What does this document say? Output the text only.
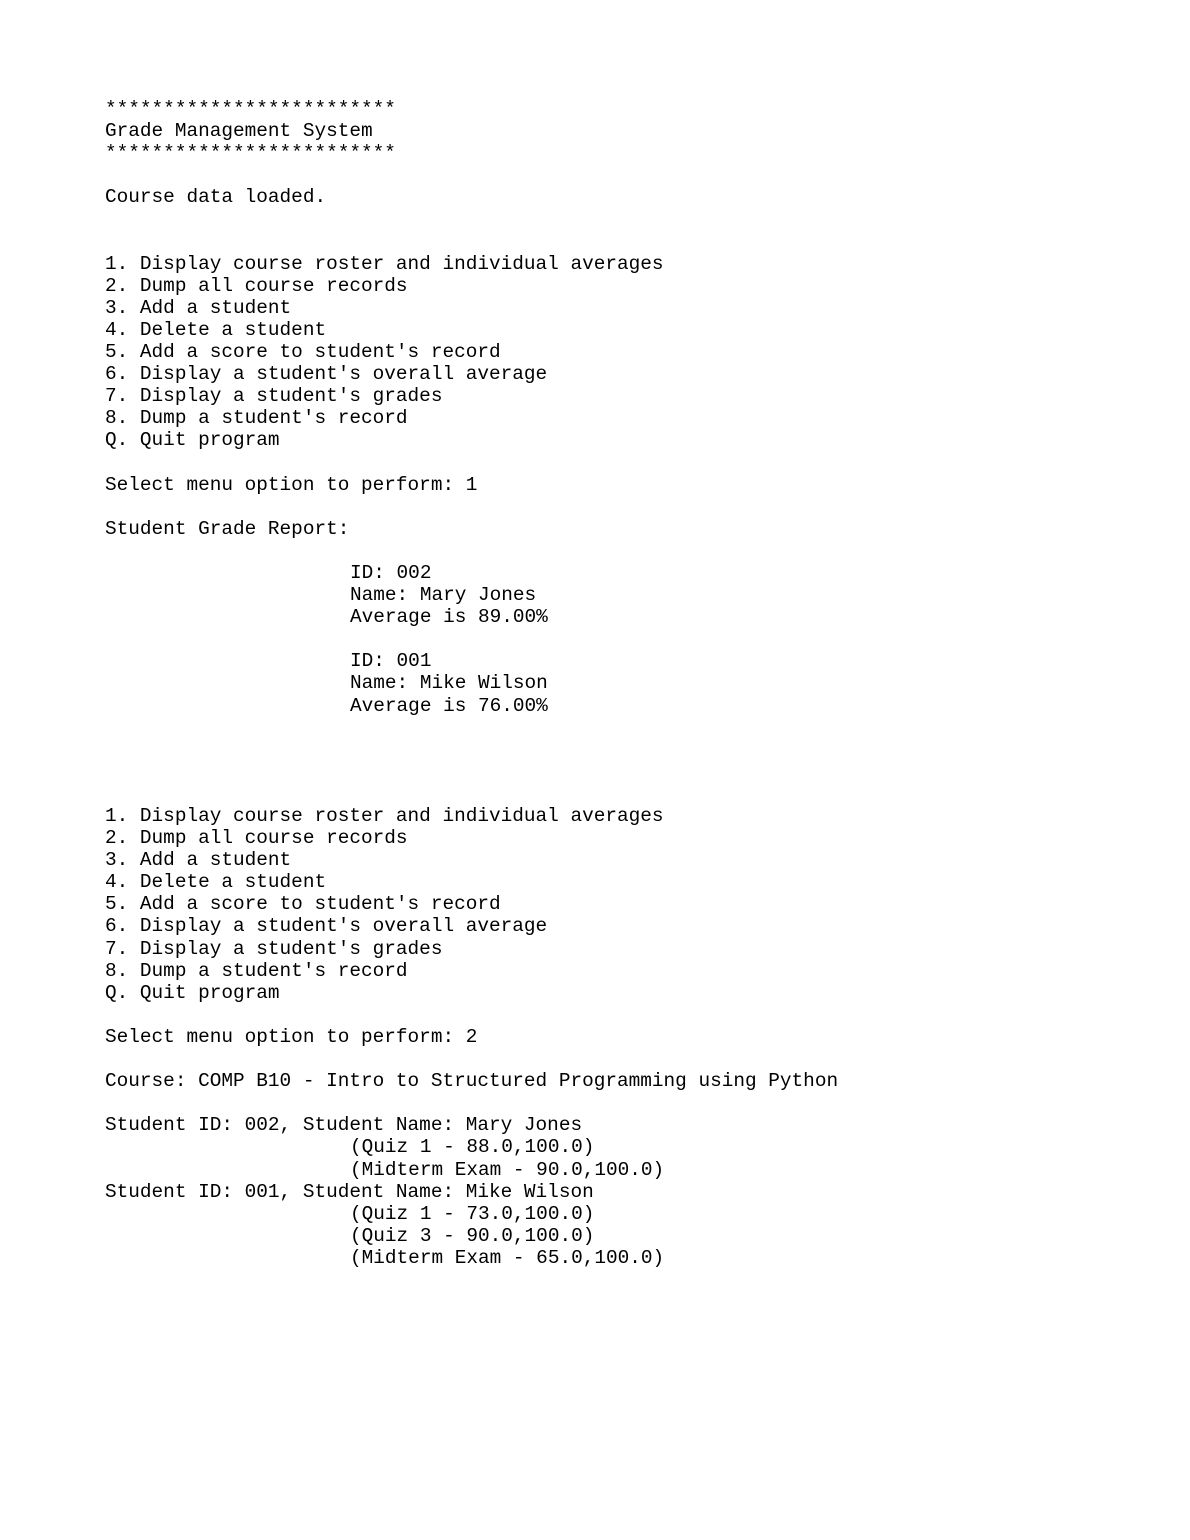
*************************
Grade Management System
*************************
Course data loaded.
1. Display course roster and individual averages
2. Dump all course records
3. Add a student
4. Delete a student
5. Add a score to student's record
6. Display a student's overall average
7. Display a student's grades
8. Dump a student's record
Q. Quit program
Select menu option to perform: 1
Student Grade Report:
ID: 002
Name: Mary Jones
Average is 89.00%
ID: 001
Name: Mike Wilson
Average is 76.00%
1. Display course roster and individual averages
2. Dump all course records
3. Add a student
4. Delete a student
5. Add a score to student's record
6. Display a student's overall average
7. Display a student's grades
8. Dump a student's record
Q. Quit program
Select menu option to perform: 2
Course: COMP B10 - Intro to Structured Programming using Python
Student ID: 002, Student Name: Mary Jones
(Quiz 1 - 88.0,100.0)
(Midterm Exam - 90.0,100.0)
Student ID: 001, Student Name: Mike Wilson
(Quiz 1 - 73.0,100.0)
(Quiz 3 - 90.0,100.0)
(Midterm Exam - 65.0,100.0)
